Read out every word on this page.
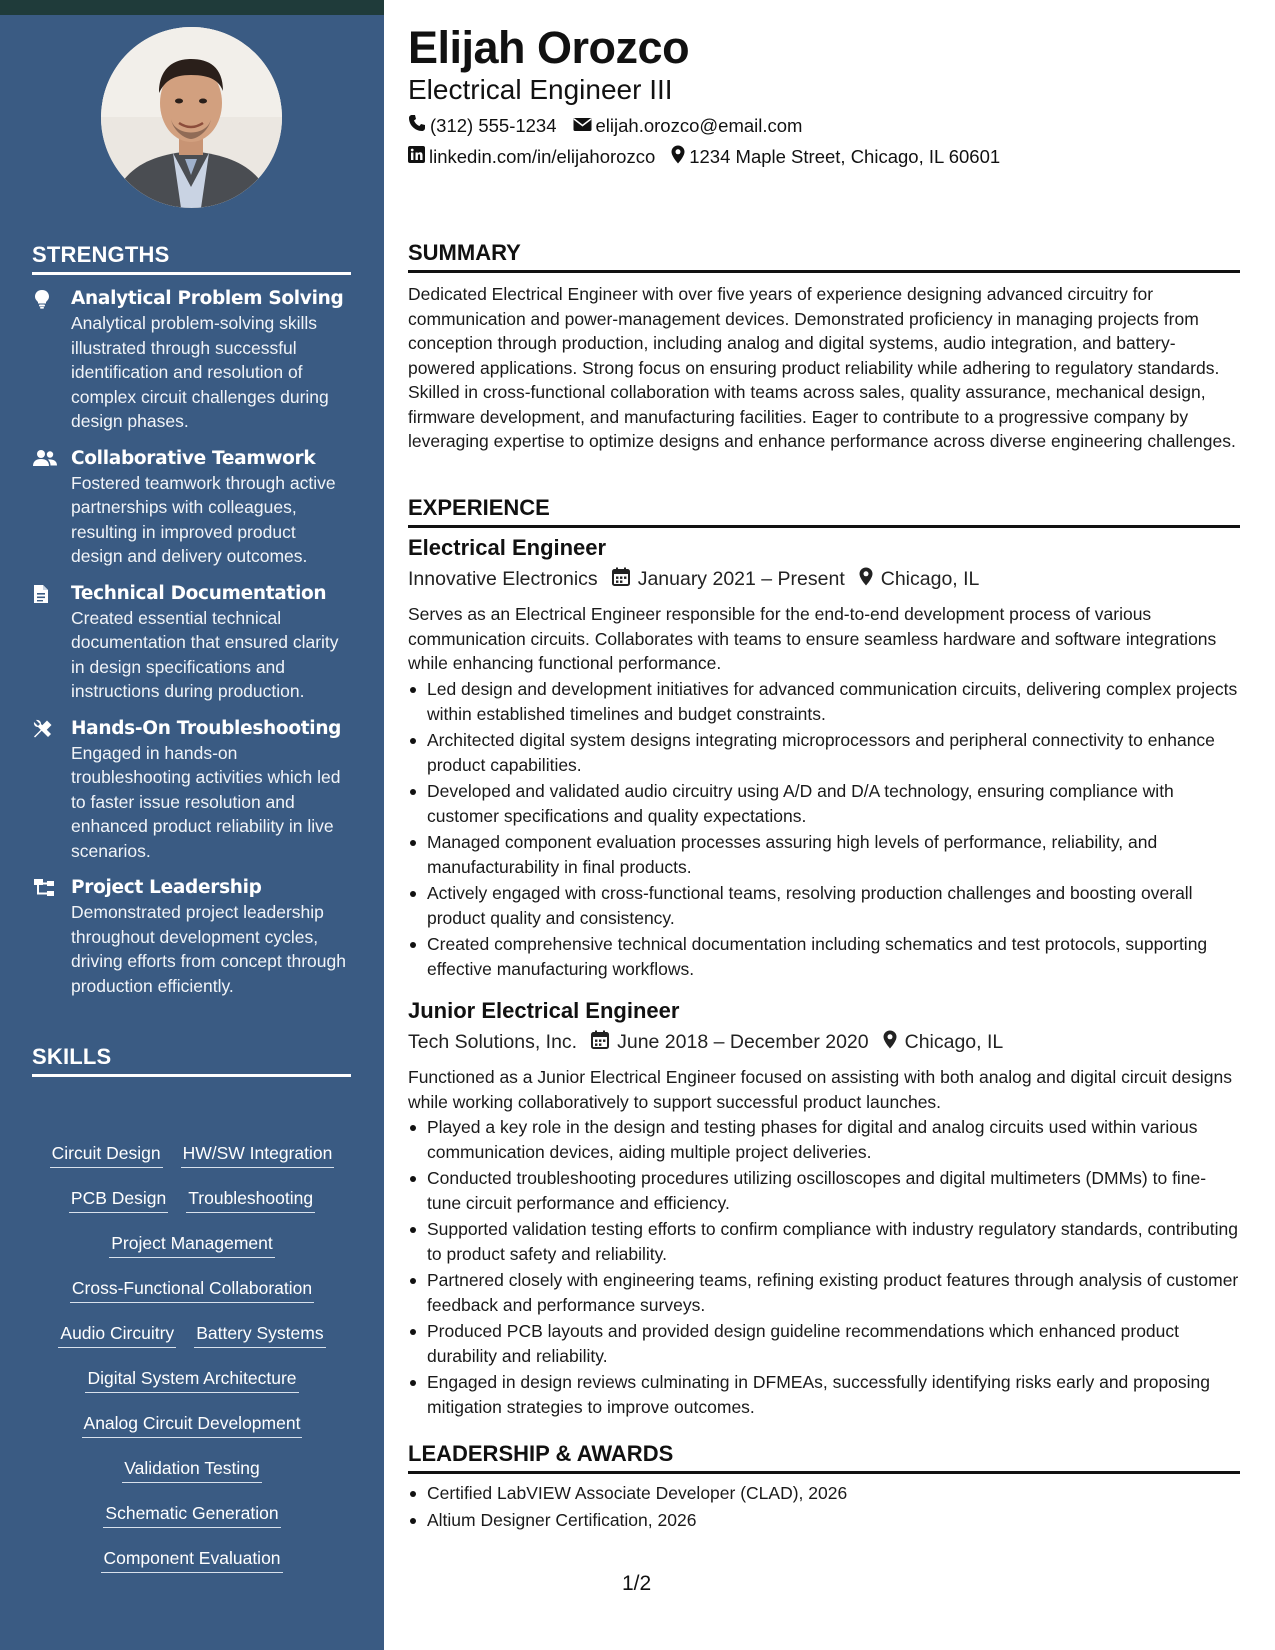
STRENGTHS
Analytical Problem Solving
Analytical problem-solving skills illustrated through successful identification and resolution of complex circuit challenges during design phases.
Collaborative Teamwork
Fostered teamwork through active partnerships with colleagues, resulting in improved product design and delivery outcomes.
Technical Documentation
Created essential technical documentation that ensured clarity in design specifications and instructions during production.
Hands-On Troubleshooting
Engaged in hands-on troubleshooting activities which led to faster issue resolution and enhanced product reliability in live scenarios.
Project Leadership
Demonstrated project leadership throughout development cycles, driving efforts from concept through production efficiently.
SKILLS
Circuit Design HW/SW Integration
PCB Design Troubleshooting
Project Management
Cross-Functional Collaboration
Audio Circuitry Battery Systems
Digital System Architecture
Analog Circuit Development
Validation Testing
Schematic Generation
Component Evaluation
Elijah Orozco
Electrical Engineer III
(312) 555-1234 elijah.orozco@email.com
linkedin.com/in/elijahorozco 1234 Maple Street, Chicago, IL 60601
SUMMARY
Dedicated Electrical Engineer with over five years of experience designing advanced circuitry for communication and power-management devices. Demonstrated proficiency in managing projects from conception through production, including analog and digital systems, audio integration, and battery-powered applications. Strong focus on ensuring product reliability while adhering to regulatory standards. Skilled in cross-functional collaboration with teams across sales, quality assurance, mechanical design, firmware development, and manufacturing facilities. Eager to contribute to a progressive company by leveraging expertise to optimize designs and enhance performance across diverse engineering challenges.
EXPERIENCE
Electrical Engineer
Innovative Electronics January 2021 – Present Chicago, IL
Serves as an Electrical Engineer responsible for the end-to-end development process of various communication circuits. Collaborates with teams to ensure seamless hardware and software integrations while enhancing functional performance.
Led design and development initiatives for advanced communication circuits, delivering complex projects within established timelines and budget constraints.
Architected digital system designs integrating microprocessors and peripheral connectivity to enhance product capabilities.
Developed and validated audio circuitry using A/D and D/A technology, ensuring compliance with customer specifications and quality expectations.
Managed component evaluation processes assuring high levels of performance, reliability, and manufacturability in final products.
Actively engaged with cross-functional teams, resolving production challenges and boosting overall product quality and consistency.
Created comprehensive technical documentation including schematics and test protocols, supporting effective manufacturing workflows.
Junior Electrical Engineer
Tech Solutions, Inc. June 2018 – December 2020 Chicago, IL
Functioned as a Junior Electrical Engineer focused on assisting with both analog and digital circuit designs while working collaboratively to support successful product launches.
Played a key role in the design and testing phases for digital and analog circuits used within various communication devices, aiding multiple project deliveries.
Conducted troubleshooting procedures utilizing oscilloscopes and digital multimeters (DMMs) to fine-tune circuit performance and efficiency.
Supported validation testing efforts to confirm compliance with industry regulatory standards, contributing to product safety and reliability.
Partnered closely with engineering teams, refining existing product features through analysis of customer feedback and performance surveys.
Produced PCB layouts and provided design guideline recommendations which enhanced product durability and reliability.
Engaged in design reviews culminating in DFMEAs, successfully identifying risks early and proposing mitigation strategies to improve outcomes.
LEADERSHIP & AWARDS
Certified LabVIEW Associate Developer (CLAD), 2026
Altium Designer Certification, 2026
1/2
